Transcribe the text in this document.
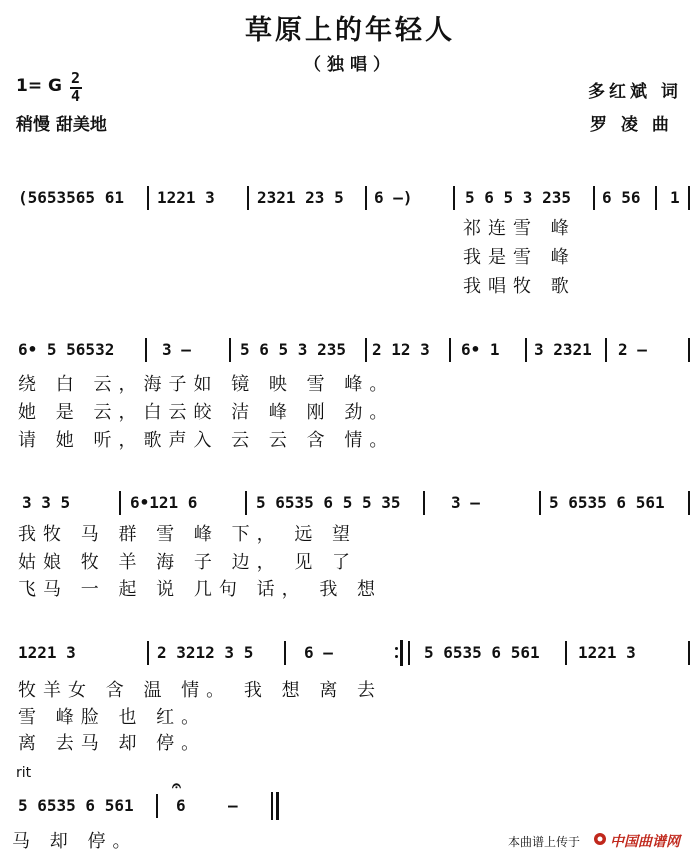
草原上的年轻人
（独唱）
1= G 2
4
稍慢 甜美地
多红斌 词
罗 凌 曲
(5653565 61 1221 3	2321 23 5 6 –)	5 6 5 3 235 6 56 1
祁连雪 峰
我是雪 峰
我唱牧 歌
6• 5 56532	3 –	5 6 5 3 235 2 12 3 6• 1 3 2321 2 –
绕 白 云，海子如 镜 映 雪 峰。
她 是 云，白云皎 洁 峰 刚 劲。
请 她 听，歌声入 云 云 含 情。
3 3 5	6•121 6	5 6535 6 5 5 35	3 –	5 6535 6 561
我牧 马 群 雪 峰 下， 远 望
姑娘 牧 羊 海 子 边， 见 了
飞马 一 起 说 几句 话， 我 想
1221 3	2 3212 3 5	6 –	5 6535 6 561 1221 3
牧羊女 含 温 情。 我 想 离 去
雪 峰脸 也 红。
离 去马 却 停。
rit
5 6535 6 561
𝄐
6	–
马 却 停。	本曲谱上传于 中国曲谱网
